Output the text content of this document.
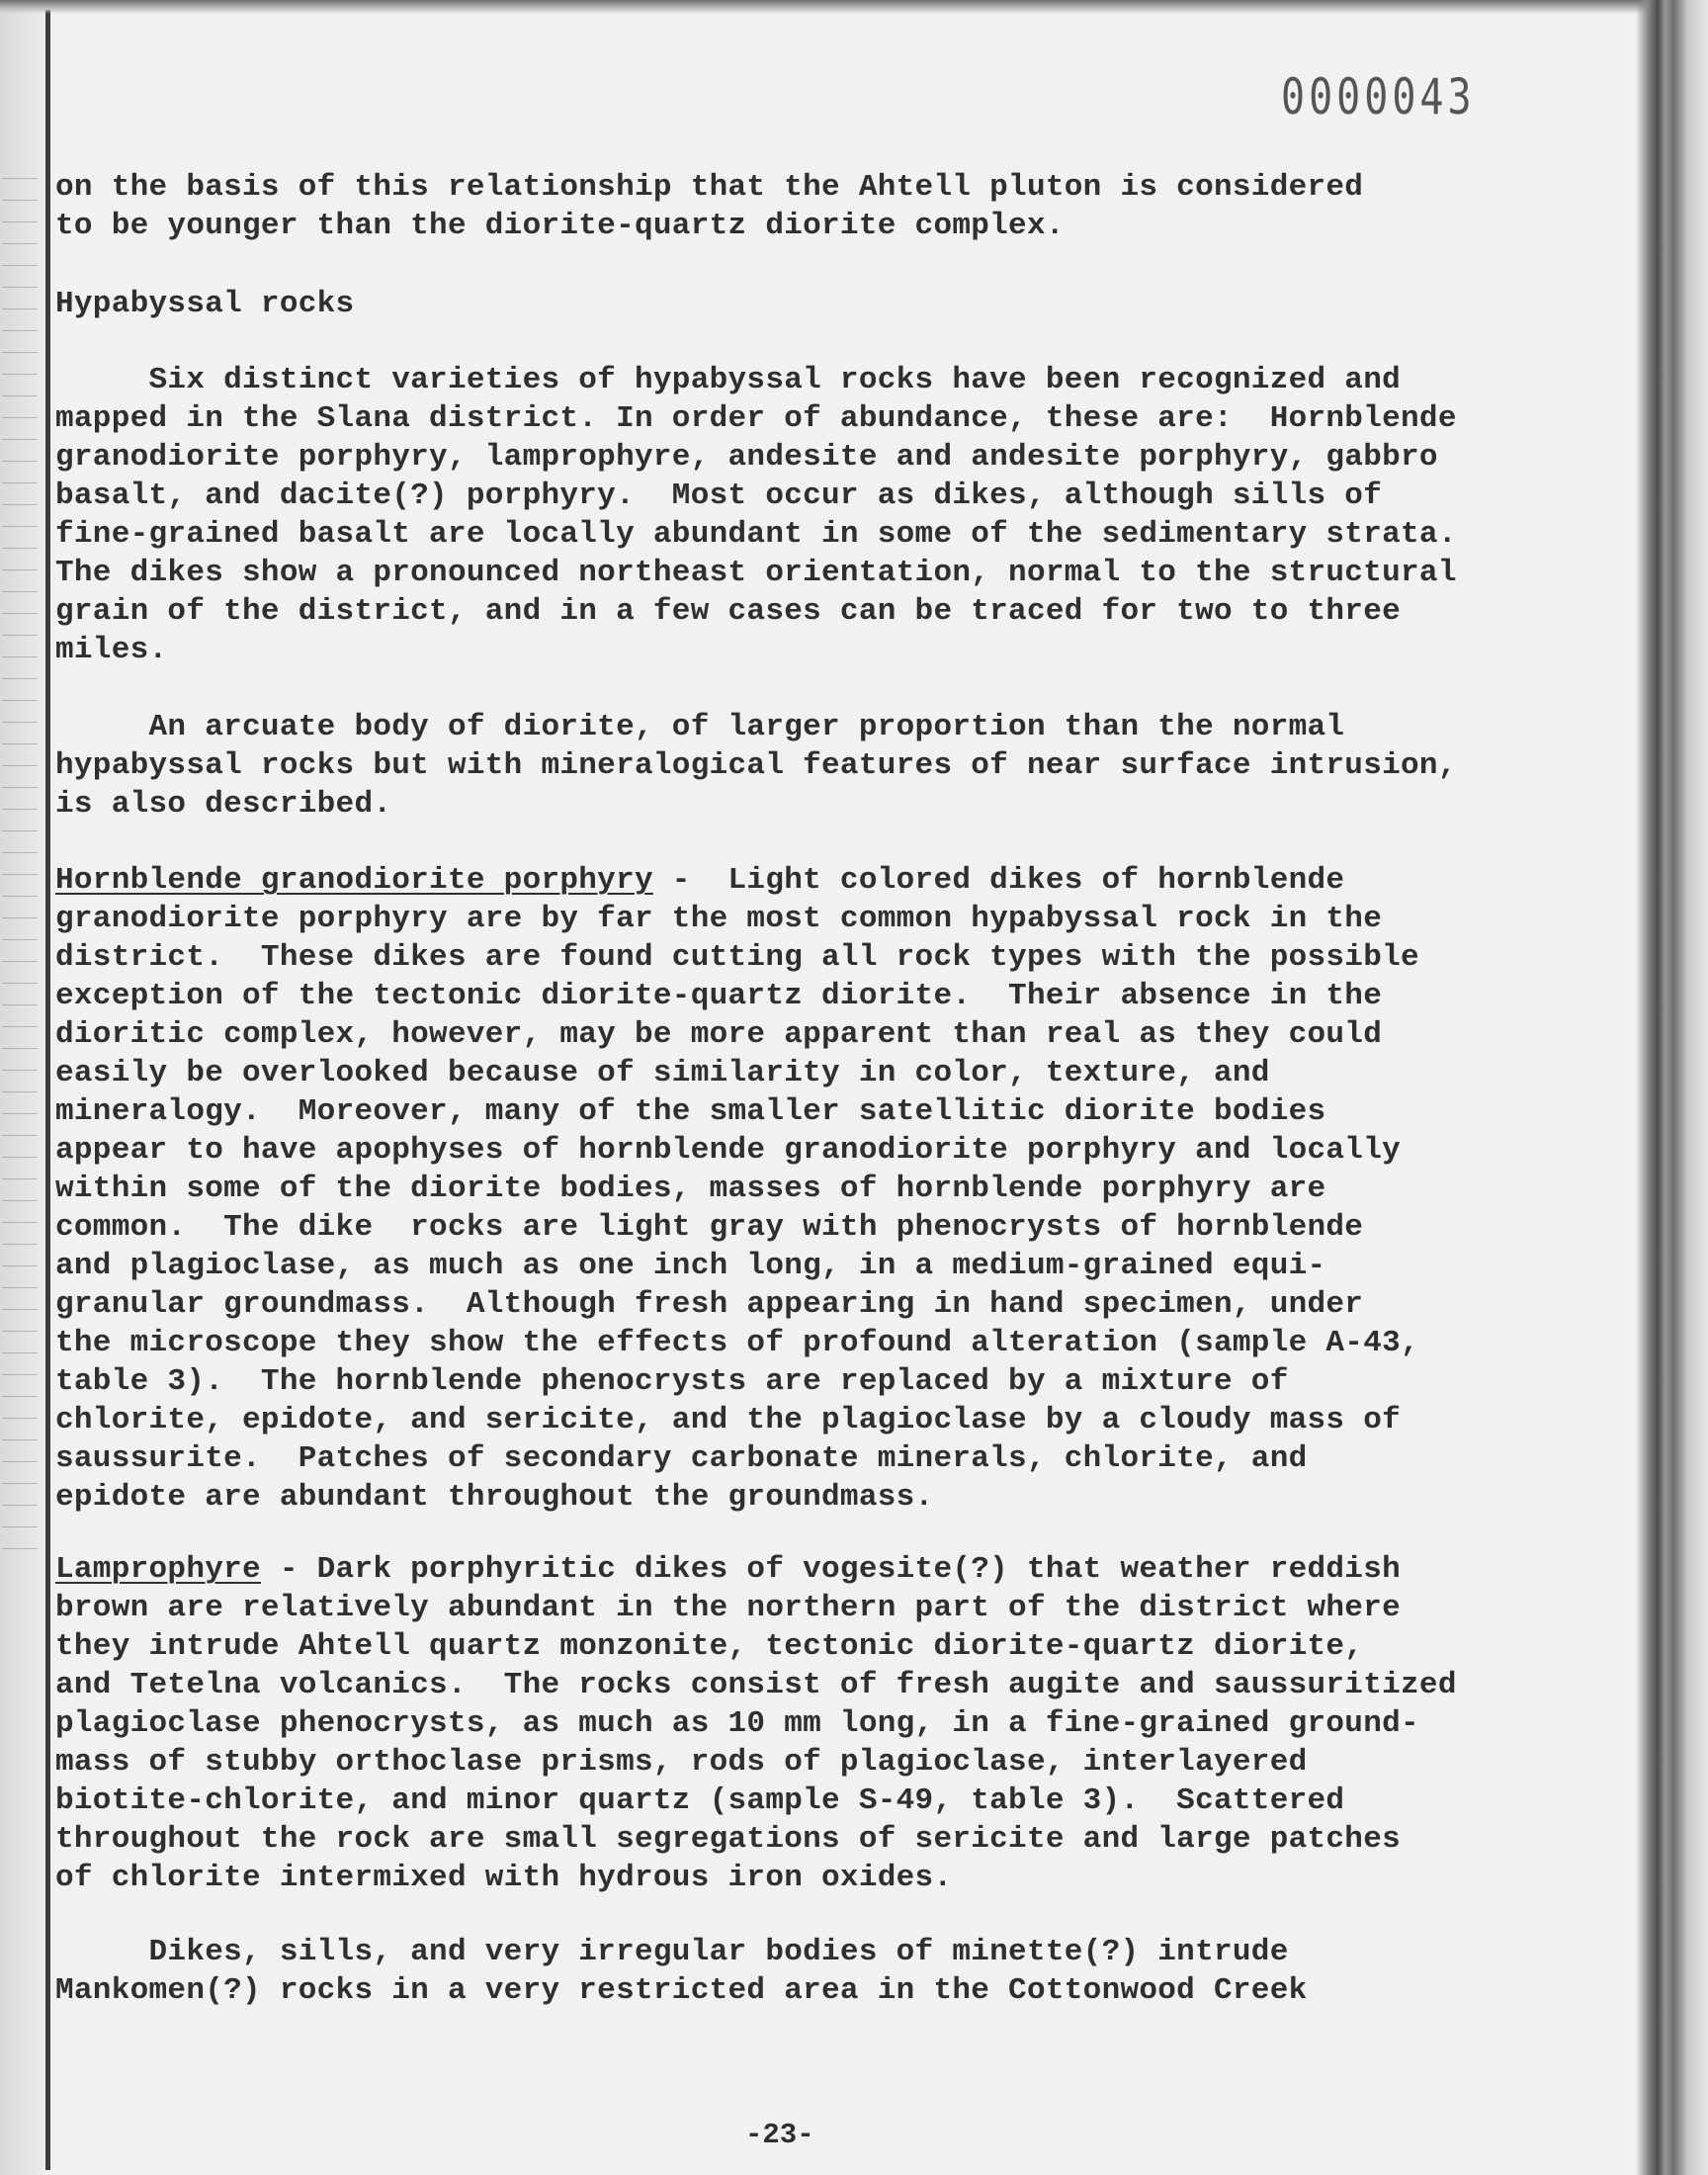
0000043
on the basis of this relationship that the Ahtell pluton is considered
to be younger than the diorite-quartz diorite complex.
Hypabyssal rocks
Six distinct varieties of hypabyssal rocks have been recognized and
mapped in the Slana district. In order of abundance, these are:  Hornblende
granodiorite porphyry, lamprophyre, andesite and andesite porphyry, gabbro
basalt, and dacite(?) porphyry.  Most occur as dikes, although sills of
fine-grained basalt are locally abundant in some of the sedimentary strata.
The dikes show a pronounced northeast orientation, normal to the structural
grain of the district, and in a few cases can be traced for two to three
miles.
An arcuate body of diorite, of larger proportion than the normal
hypabyssal rocks but with mineralogical features of near surface intrusion,
is also described.
Hornblende granodiorite porphyry -  Light colored dikes of hornblende
granodiorite porphyry are by far the most common hypabyssal rock in the
district.  These dikes are found cutting all rock types with the possible
exception of the tectonic diorite-quartz diorite.  Their absence in the
dioritic complex, however, may be more apparent than real as they could
easily be overlooked because of similarity in color, texture, and
mineralogy.  Moreover, many of the smaller satellitic diorite bodies
appear to have apophyses of hornblende granodiorite porphyry and locally
within some of the diorite bodies, masses of hornblende porphyry are
common.  The dike  rocks are light gray with phenocrysts of hornblende
and plagioclase, as much as one inch long, in a medium-grained equi-
granular groundmass.  Although fresh appearing in hand specimen, under
the microscope they show the effects of profound alteration (sample A-43,
table 3).  The hornblende phenocrysts are replaced by a mixture of
chlorite, epidote, and sericite, and the plagioclase by a cloudy mass of
saussurite.  Patches of secondary carbonate minerals, chlorite, and
epidote are abundant throughout the groundmass.
Lamprophyre - Dark porphyritic dikes of vogesite(?) that weather reddish
brown are relatively abundant in the northern part of the district where
they intrude Ahtell quartz monzonite, tectonic diorite-quartz diorite,
and Tetelna volcanics.  The rocks consist of fresh augite and saussuritized
plagioclase phenocrysts, as much as 10 mm long, in a fine-grained ground-
mass of stubby orthoclase prisms, rods of plagioclase, interlayered
biotite-chlorite, and minor quartz (sample S-49, table 3).  Scattered
throughout the rock are small segregations of sericite and large patches
of chlorite intermixed with hydrous iron oxides.
Dikes, sills, and very irregular bodies of minette(?) intrude
Mankomen(?) rocks in a very restricted area in the Cottonwood Creek
-23-
